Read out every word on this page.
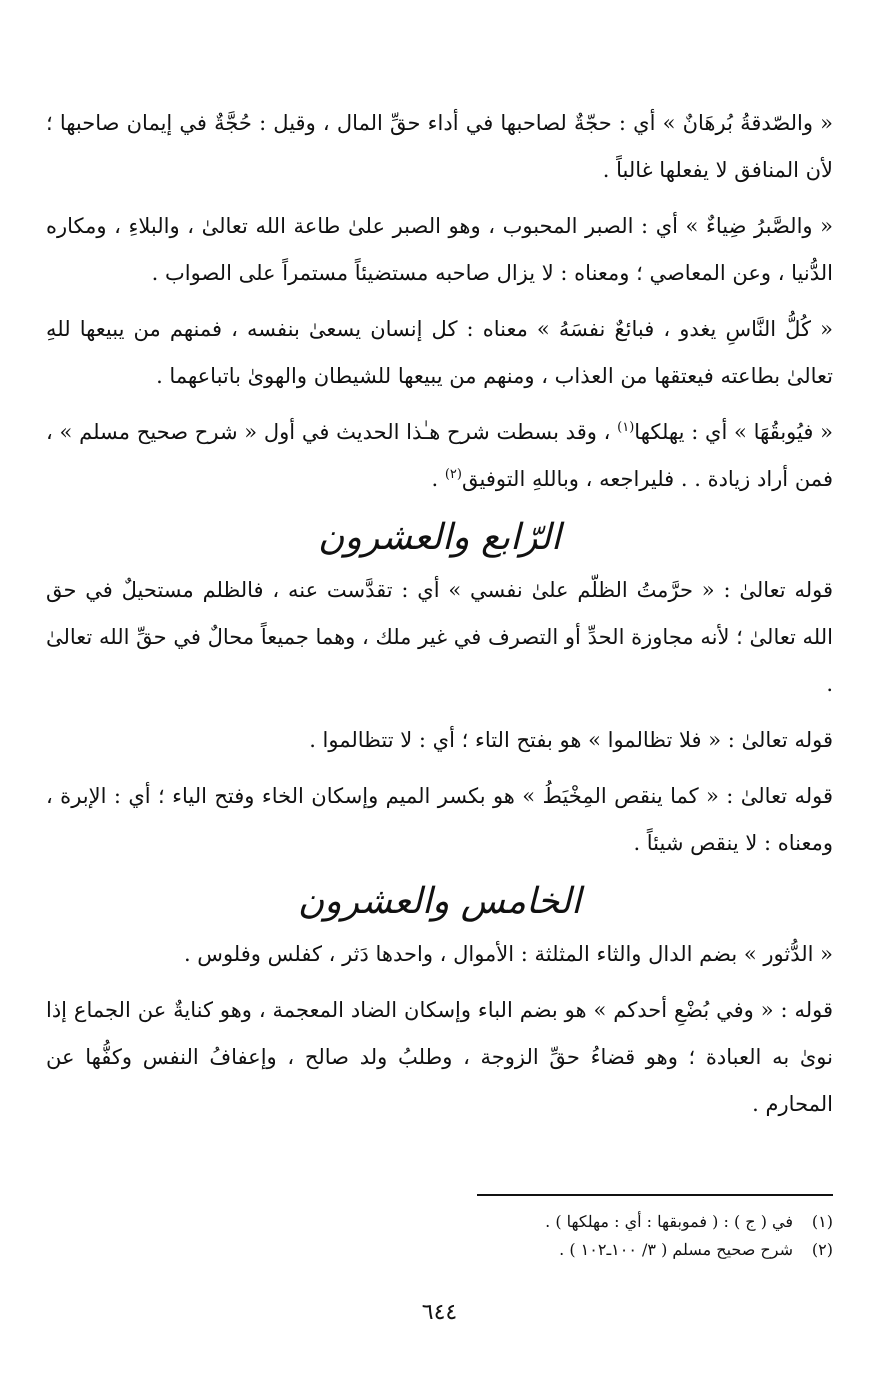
« والصّدقةُ بُرهَانٌ » أي : حجّةٌ لصاحبها في أداء حقِّ المال ، وقيل : حُجَّةٌ في إيمان صاحبها ؛ لأن المنافق لا يفعلها غالباً .

« والصَّبرُ ضِياءٌ » أي : الصبر المحبوب ، وهو الصبر علىٰ طاعة الله تعالىٰ ، والبلاءِ ، ومكاره الدُّنيا ، وعن المعاصي ؛ ومعناه : لا يزال صاحبه مستضيئاً مستمراً على الصواب .

« كُلُّ النَّاسِ يغدو ، فبائعٌ نفسَهُ » معناه : كل إنسان يسعىٰ بنفسه ، فمنهم من يبيعها للهِ تعالىٰ بطاعته فيعتقها من العذاب ، ومنهم من يبيعها للشيطان والهوىٰ باتباعهما .

« فيُوبقُهَا » أي : يهلكها$^{(١)}$ ، وقد بسطت شرح هـٰذا الحديث في أول « شرح صحيح مسلم » ، فمن أراد زيادة . . فليراجعه ، وباللهِ التوفيق$^{(٢)}$ .

الرّابع والعشرون

قوله تعالىٰ : « حرَّمتُ الظلّم علىٰ نفسي » أي : تقدَّست عنه ، فالظلم مستحيلٌ في حق الله تعالىٰ ؛ لأنه مجاوزة الحدِّ أو التصرف في غير ملك ، وهما جميعاً محالٌ في حقِّ الله تعالىٰ .

قوله تعالىٰ : « فلا تظالموا » هو بفتح التاء ؛ أي : لا تتظالموا .

قوله تعالىٰ : « كما ينقص المِخْيَطُ » هو بكسر الميم وإسكان الخاء وفتح الياء ؛ أي : الإبرة ، ومعناه : لا ينقص شيئاً .

الخامس والعشرون

« الدُّثور » بضم الدال والثاء المثلثة : الأموال ، واحدها دَثر ، كفلس وفلوس .

قوله : « وفي بُضْعِ أحدكم » هو بضم الباء وإسكان الضاد المعجمة ، وهو كنايةٌ عن الجماع إذا نوىٰ به العبادة ؛ وهو قضاءُ حقِّ الزوجة ، وطلبُ ولد صالح ، وإعفافُ النفس وكفُّها عن المحارم .

(١)
في ( ج ) : ( فموبقها : أي : مهلكها ) .
(٢)
شرح صحيح مسلم ( ٣/ ١٠٠ـ١٠٢ ) .
٦٤٤
